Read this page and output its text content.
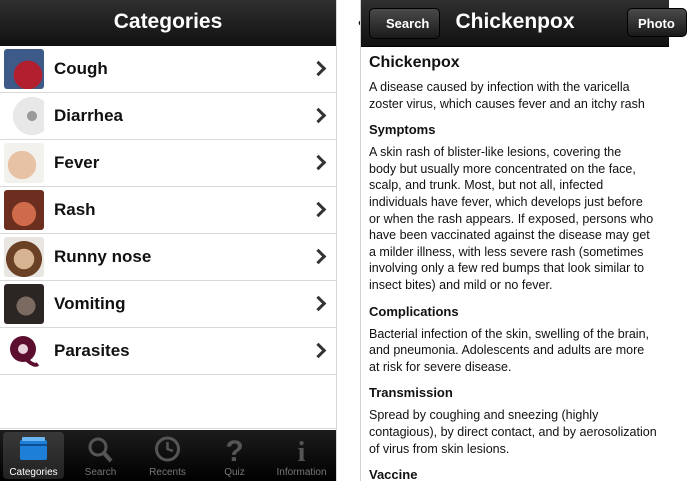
Categories
Cough
Diarrhea
Fever
Rash
Runny nose
Vomiting
Parasites
Categories	Search	Recents
?
Quiz
i
Information
Chickenpox
Search	Photo
Chickenpox

A disease caused by infection with the varicella

zoster virus, which causes fever and an itchy rash

Symptoms

A skin rash of blister-like lesions, covering the

body but usually more concentrated on the face,

scalp, and trunk. Most, but not all, infected

individuals have fever, which develops just before

or when the rash appears. If exposed, persons who

have been vaccinated against the disease may get

a milder illness, with less severe rash (sometimes

involving only a few red bumps that look similar to

insect bites) and mild or no fever.

Complications

Bacterial infection of the skin, swelling of the brain,

and pneumonia. Adolescents and adults are more

at risk for severe disease.

Transmission

Spread by coughing and sneezing (highly

contagious), by direct contact, and by aerosolization

of virus from skin lesions.

Vaccine
